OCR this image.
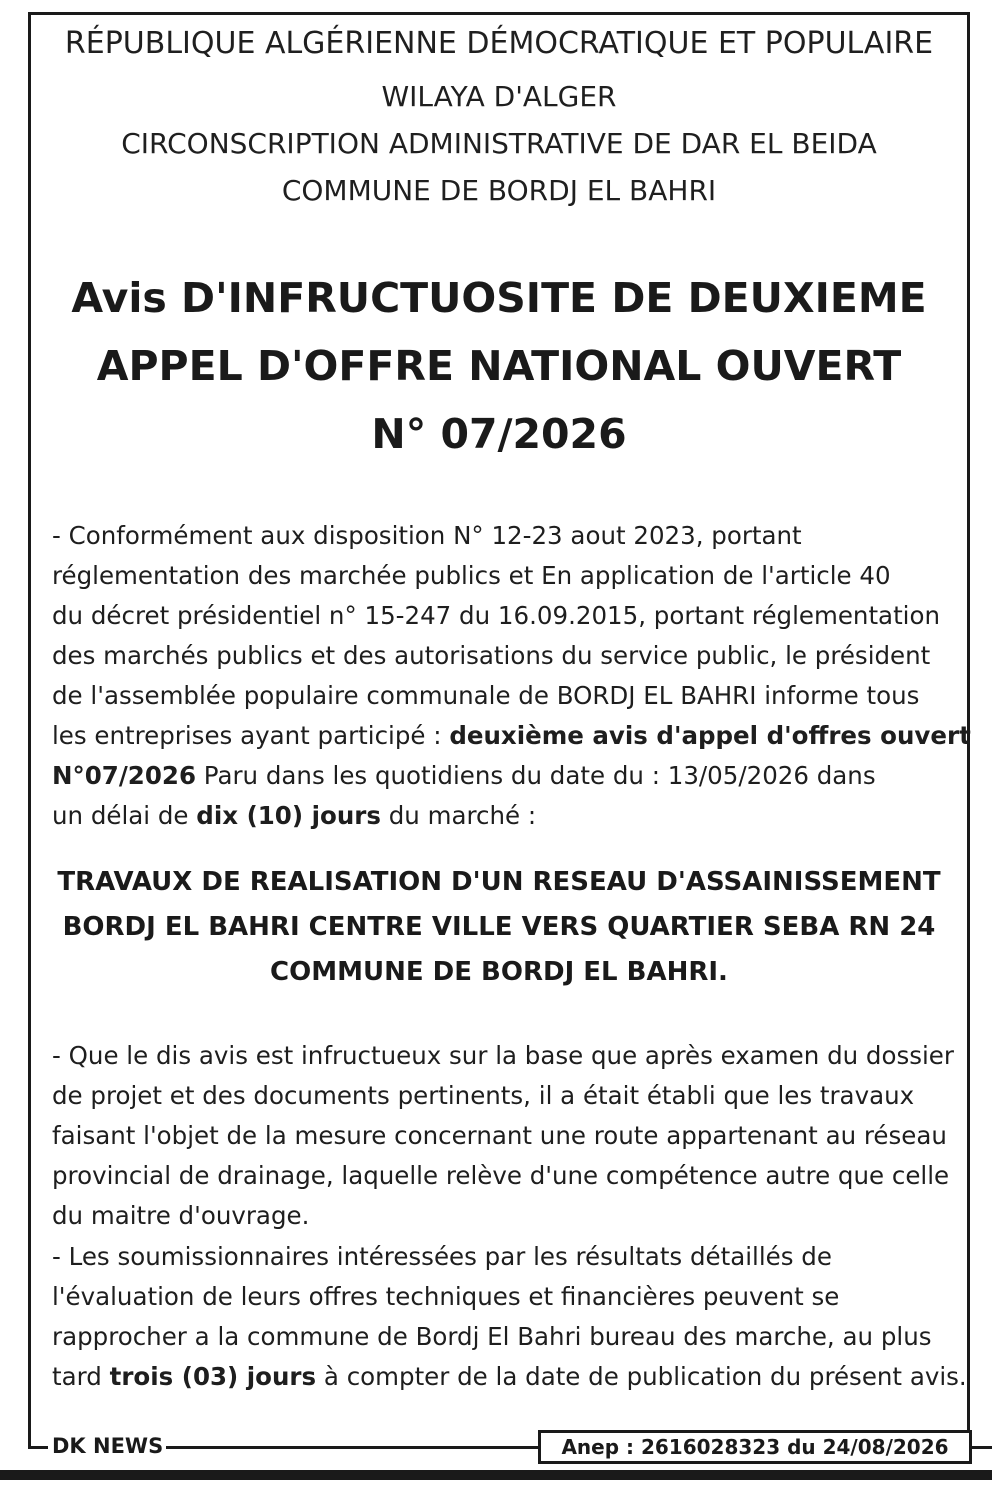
RÉPUBLIQUE ALGÉRIENNE DÉMOCRATIQUE ET POPULAIRE
WILAYA D'ALGER
CIRCONSCRIPTION ADMINISTRATIVE DE DAR EL BEIDA
COMMUNE DE BORDJ EL BAHRI
Avis D'INFRUCTUOSITE DE DEUXIEME
APPEL D'OFFRE NATIONAL OUVERT
N° 07/2026
- Conformément aux disposition N° 12-23 aout 2023, portant
réglementation des marchée publics et En application de l'article 40
du décret présidentiel n° 15-247 du 16.09.2015, portant réglementation
des marchés publics et des autorisations du service public, le président
de l'assemblée populaire communale de BORDJ EL BAHRI informe tous
les entreprises ayant participé : deuxième avis d'appel d'offres ouvert
N°07/2026 Paru dans les quotidiens du date du : 13/05/2026 dans
un délai de dix (10) jours du marché :
TRAVAUX DE REALISATION D'UN RESEAU D'ASSAINISSEMENT
BORDJ EL BAHRI CENTRE VILLE VERS QUARTIER SEBA RN 24
COMMUNE DE BORDJ EL BAHRI.
- Que le dis avis est infructueux sur la base que après examen du dossier
de projet et des documents pertinents, il a était établi que les travaux
faisant l'objet de la mesure concernant une route appartenant au réseau
provincial de drainage, laquelle relève d'une compétence autre que celle
du maitre d'ouvrage.
- Les soumissionnaires intéressées par les résultats détaillés de
l'évaluation de leurs offres techniques et financières peuvent se
rapprocher a la commune de Bordj El Bahri bureau des marche, au plus
tard trois (03) jours à compter de la date de publication du présent avis.
DK NEWS	Anep : 2616028323 du 24/08/2026
